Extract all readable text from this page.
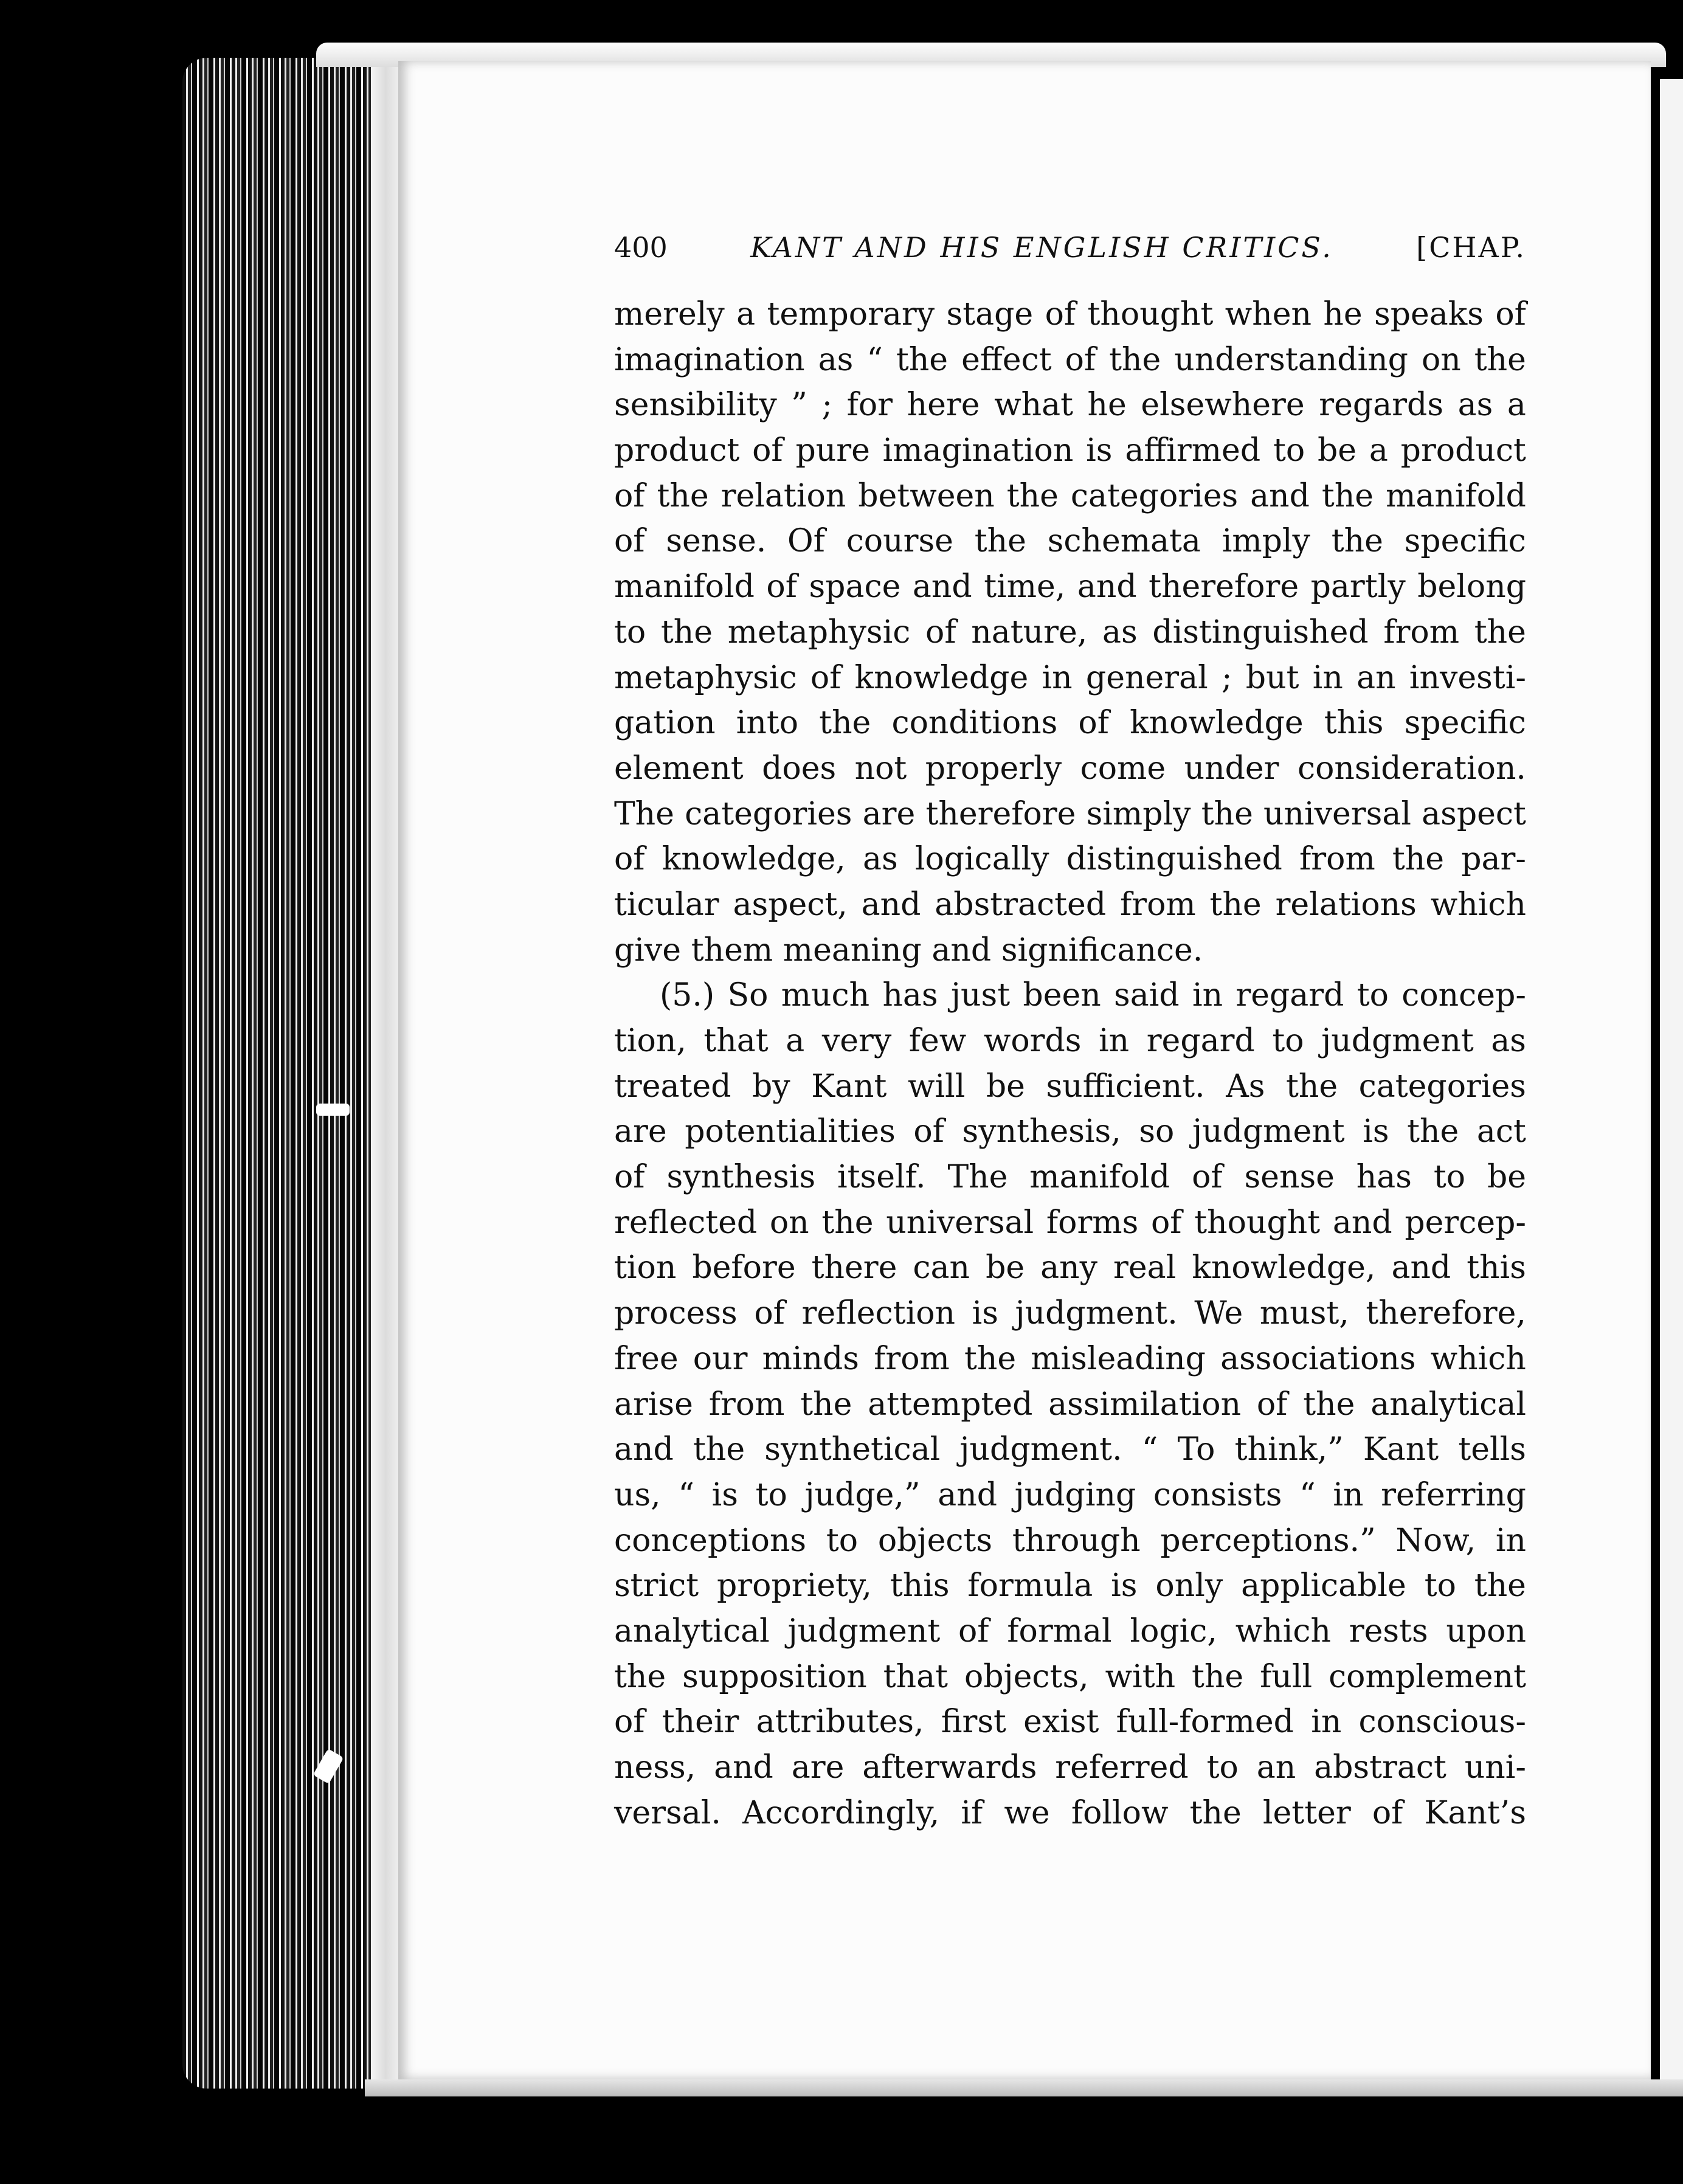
400	KANT AND HIS ENGLISH CRITICS.	[CHAP.
merely a temporary stage of thought when he speaks of
imagination as “ the effect of the understanding on the
sensibility ” ; for here what he elsewhere regards as a
product of pure imagination is affirmed to be a product
of the relation between the categories and the manifold
of sense. Of course the schemata imply the specific
manifold of space and time, and therefore partly belong
to the metaphysic of nature, as distinguished from the
metaphysic of knowledge in general ; but in an investi-
gation into the conditions of knowledge this specific
element does not properly come under consideration.
The categories are therefore simply the universal aspect
of knowledge, as logically distinguished from the par-
ticular aspect, and abstracted from the relations which
give them meaning and significance.
(5.) So much has just been said in regard to concep-
tion, that a very few words in regard to judgment as
treated by Kant will be sufficient. As the categories
are potentialities of synthesis, so judgment is the act
of synthesis itself. The manifold of sense has to be
reflected on the universal forms of thought and percep-
tion before there can be any real knowledge, and this
process of reflection is judgment. We must, therefore,
free our minds from the misleading associations which
arise from the attempted assimilation of the analytical
and the synthetical judgment. “ To think,” Kant tells
us, “ is to judge,” and judging consists “ in referring
conceptions to objects through perceptions.” Now, in
strict propriety, this formula is only applicable to the
analytical judgment of formal logic, which rests upon
the supposition that objects, with the full complement
of their attributes, first exist full-formed in conscious-
ness, and are afterwards referred to an abstract uni-
versal. Accordingly, if we follow the letter of Kant’s
